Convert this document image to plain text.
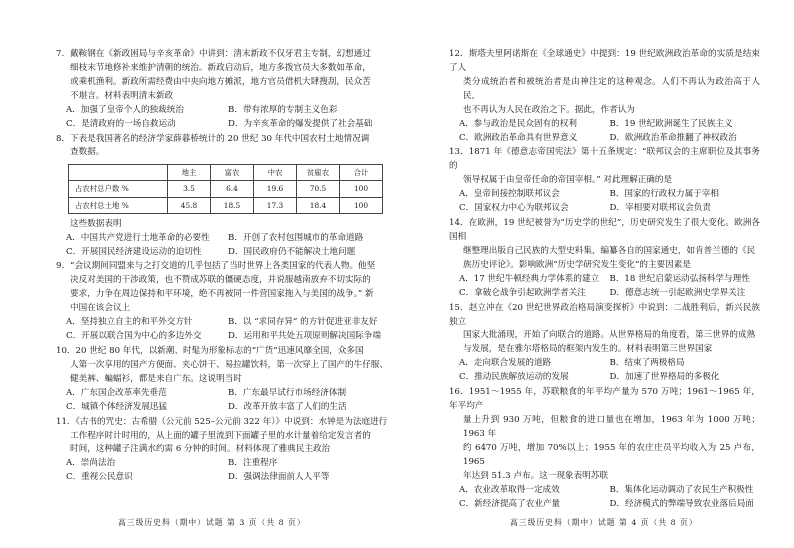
7．戴鞍钢在《新政困局与辛亥革命》中讲到：清末新政不仅牙君主专制，幻想通过

细枝末节地修补来维护清朝的统治。新政启动后，地方多拨官员大多数如革命，

或乘机渔利。新政所需经费由中央向地方摊派，地方官员借机大肆搜刮，民众苦

不堪言。材料表明清末新政

A．加强了皇帝个人的独裁统治	B．带有浓厚的专制主义色彩
C．是清政府的一场自救运动	D．为辛亥革命的爆发提供了社会基础

8．下表是我国著名的经济学家薛暮桥统计的 20 世纪 30 年代中国农村土地情况调

查数据。

	地主	富农	中农	贫雇农	合计
占农村总户数 %	3.5	6.4	19.6	70.5	100
占农村总土地 %	45.8	18.5	17.3	18.4	100

这些数据表明

A．中国共产党进行土地革命的必要性	B．开创了农村包围城市的革命道路
C．开展国民经济建设运动的迫切性	D．国民政府仍不能解决土地问题

9．“会议期间同盟来与之打交道的几乎包括了当时世界上各类国家的代表人物。他坚

决反对美国的干涉政策，也不赞成苏联的僵硬态度，并说服越南放弃不切实际的

要求，力争在周边保持和平环境，绝不再被同一件营国家拖入与美国的战争。” 新

中国在该会议上

A．坚持独立自主的和平外交方针	B．以 “求同存异” 的方针促进亚非友好
C．开展以联合国为中心的多边外交	D．运用和平共处五项原则解决国际争端

10．20 世纪 80 年代，以新潮、时髦为形象标志的“广货”迅速风靡全国，众多国

人第一次享用的国产方便面、夹心饼干、易拉罐饮料，第一次穿上了国产的牛仔服、

健美裤、蝙蝠衫，都是来自广东。这说明当时

A．广东国企改革率先垂范	B．广东最早试行市场经济体制
C．城镇个体经济发展迅猛	D．改革开放丰富了人们的生活

11．《古书的咒史：古希腊（公元前 525–公元前 322 年）》中说到：水钟是为法庭进行

工作程序时计时用的，从上面的罐子里流到下面罐子里的水计量着给定发言者的

时间，这种罐子注满水约需 6 分钟的时间。材料体现了雅典民主政治

A．崇尚法治	B．注重程序
C．重视公民意识	D．强调法律面前人人平等

12．斯塔夫里阿诺斯在《全球通史》中提到：19 世纪欧洲政治革命的实质是结束了人

类分成统治者和被统治者是由神注定的这种观念。人们不再认为政治高于人民，

也不再认为人民在政治之下。据此，作者认为

A．参与政治是民众固有的权利	B．19 世纪欧洲诞生了民族主义
C．欧洲政治革命具有世界意义	D．欧洲政治革命推翻了神权政治

13．1871 年《德意志帝国宪法》第十五条规定：“联邦议会的主席职位及其事务的

领导权属于由皇帝任命的帝国宰相。” 对此理解正确的是

A．皇帝间接控制联邦议会	B．国家的行政权力属于宰相
C．国家权力中心为联邦议会	D．宰相要对联邦议会负责

14．在欧洲，19 世纪被誉为“历史学的世纪”，历史研究发生了很大变化。欧洲各国相

继整理出版自己民族的大型史料集，编纂各自的国家通史，如肯普兰德的《民

族历史评论》。影响欧洲“历史学研究发生变化”的主要因素是

A．17 世纪牛顿经典力学体系的建立	B．18 世纪启蒙运动弘扬科学与理性
C．拿破仑战争引起欧洲学者关注	D．德意志统一引起欧洲史学界关注

15．赵立冲在《20 世纪世界政治格局演变探析》中说到：二战胜利后，新兴民族独立

国家大批涌现，开始了向联合的道路。从世界格局的角度看，第三世界的成熟

与发展，是在雅尔塔格局的框架内发生的。材料表明第三世界国家

A．走向联合发展的道路	B．结束了两极格局
C．推动民族解放运动的发展	D．加速了世界格局的多极化

16．1951～1955 年，苏联粮食的年平均产量为 570 万吨；1961～1965 年，年平均产

量上升到 930 万吨，但粮食的进口量也在增加，1963 年为 1000 万吨；1963 年

约 6470 万吨，增加 70%以上；1955 年的农庄庄员平均收入为 25 卢布，1965

年达到 51.3 卢布。这一现象表明苏联

A．农业改革取得一定成效	B．集体化运动调动了农民生产积极性
C．新经济提高了农业产量	D．经济模式的弊端导致农业落后局面
高三级历史科（期中）试题 第 3 页（共 8 页）	高三级历史科（期中）试题 第 4 页（共 8 页）
